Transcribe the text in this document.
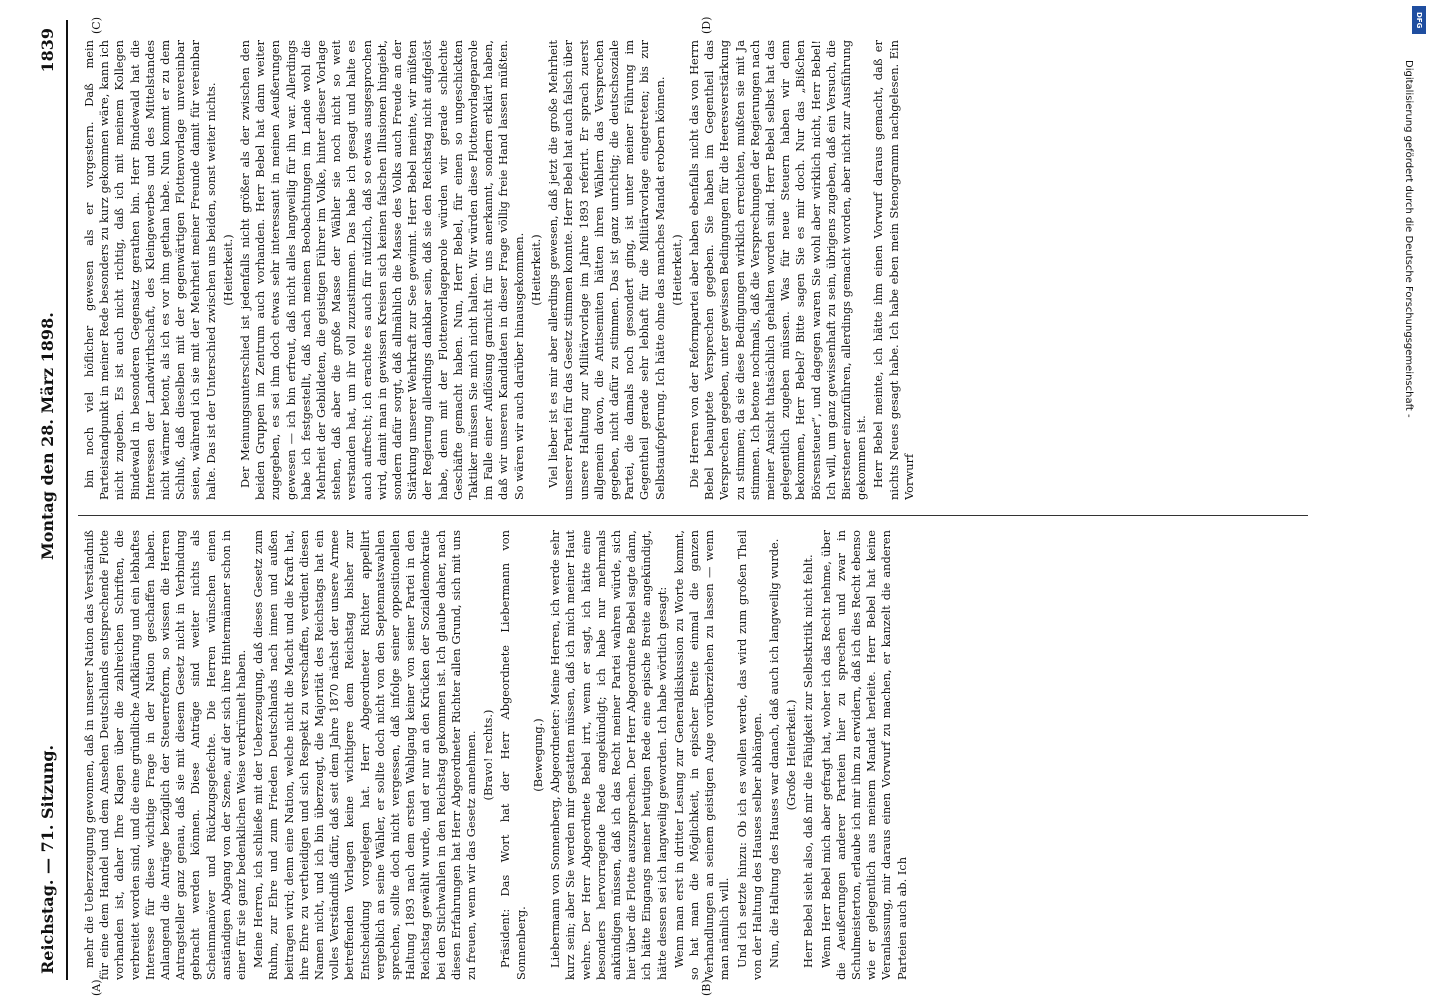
Reichstag. — 71. Sitzung.
Montag den 28. März 1898.
1839
(A)	(B)
(C)	(D)

mehr die Ueberzeugung gewonnen, daß in unserer Nation das Verständniß für eine dem Handel und dem Ansehen Deutschlands entsprechende Flotte vorhanden ist, daher Ihre Klagen über die zahlreichen Schriften, die verbreitet worden sind, und die eine gründliche Aufklärung und ein lebhaftes Interesse für diese wichtige Frage in der Nation geschaffen haben. Anlangend die Anträge bezüglich der Steuerreform, so wissen die Herren Antragsteller ganz genau, daß sie mit diesem Gesetz nicht in Verbindung gebracht werden können. Diese Anträge sind weiter nichts als Scheinmanöver und Rückzugsgefechte. Die Herren wünschen einen anständigen Abgang von der Szene, auf der sich ihre Hintermänner schon in einer für sie ganz bedenklichen Weise verkrümelt haben. Meine Herren, ich schließe mit der Ueberzeugung, daß dieses Gesetz zum Ruhm, zur Ehre und zum Frieden Deutschlands nach innen und außen beitragen wird; denn eine Nation, welche nicht die Macht und die Kraft hat, ihre Ehre zu vertheidigen und sich Respekt zu verschaffen, verdient diesen Namen nicht, und ich bin überzeugt, die Majorität des Reichstags hat ein volles Verständniß dafür, daß seit dem Jahre 1870 nächst der unsere Armee betreffenden Vorlagen keine wichtigere dem Reichstag bisher zur Entscheidung vorgelegen hat. Herr Abgeordneter Richter appellirt vergeblich an seine Wähler, er sollte doch nicht von den Septennatswahlen sprechen, sollte doch nicht vergessen, daß infolge seiner oppositionellen Haltung 1893 nach dem ersten Wahlgang keiner von seiner Partei in den Reichstag gewählt wurde, und er nur an den Krücken der Sozialdemokratie bei den Stichwahlen in den Reichstag gekommen ist. Ich glaube daher, nach diesen Erfahrungen hat Herr Abgeordneter Richter allen Grund, sich mit uns zu freuen, wenn wir das Gesetz annehmen. (Bravo! rechts.) Präsident: Das Wort hat der Herr Abgeordnete Liebermann von Sonnenberg.

(Bewegung.) Liebermann von Sonnenberg, Abgeordneter: Meine Herren, ich werde sehr kurz sein; aber Sie werden mir gestatten müssen, daß ich mich meiner Haut wehre. Der Herr Abgeordnete Bebel irrt, wenn er sagt, ich hätte eine besonders hervorragende Rede angekündigt; ich habe nur mehrmals ankündigen müssen, daß ich das Recht meiner Partei wahren würde, sich hier über die Flotte auszusprechen. Der Herr Abgeordnete Bebel sagte dann, ich hätte Eingangs meiner heutigen Rede eine epische Breite angekündigt, hätte dessen sei ich langweilig geworden. Ich habe wörtlich gesagt: Wenn man erst in dritter Lesung zur Generaldiskussion zu Worte kommt, so hat man die Möglichkeit, in epischer Breite einmal die ganzen Verhandlungen an seinem geistigen Auge vorüberziehen zu lassen — wenn man nämlich will. Und ich setzte hinzu: Ob ich es wollen werde, das wird zum großen Theil von der Haltung des Hauses selber abhängen. Nun, die Haltung des Hauses war danach, daß auch ich langweilig wurde. (Große Heiterkeit.) Herr Bebel sieht also, daß mir die Fähigkeit zur Selbstkritik nicht fehlt. Wenn Herr Bebel mich aber gefragt hat, woher ich das Recht nehme, über die Aeußerungen anderer Parteien hier zu sprechen und zwar in Schulmeisterton, erlaube ich mir ihm zu erwidern, daß ich dies Recht ebenso wie er gelegentlich aus meinem Mandat herleite. Herr Bebel hat keine Veranlassung, mir daraus einen Vorwurf zu machen, er kanzelt die anderen Parteien auch ab. Ich

bin noch viel höflicher gewesen als er vorgestern. Daß mein Parteistandpunkt in meiner Rede besonders zu kurz gekommen wäre, kann ich nicht zugeben. Es ist auch nicht richtig, daß ich mit meinem Kollegen Bindewald in besonderen Gegensatz gerathen bin. Herr Bindewald hat die Interessen der Landwirthschaft, des Kleingewerbes und des Mittelstandes nicht wärmer betont, als ich es vor ihm gethan habe. Nun kommt er zu dem Schluß, daß dieselben mit der gegenwärtigen Flottenvorlage unvereinbar seien, während ich sie mit der Mehrheit meiner Freunde damit für vereinbar halte. Das ist der Unterschied zwischen uns beiden, sonst weiter nichts. (Heiterkeit.) Der Meinungsunterschied ist jedenfalls nicht größer als der zwischen den beiden Gruppen im Zentrum auch vorhanden. Herr Bebel hat dann weiter zugegeben, es sei ihm doch etwas sehr interessant in meinen Aeußerungen gewesen — ich bin erfreut, daß nicht alles langweilig für ihn war. Allerdings habe ich festgestellt, daß nach meinen Beobachtungen im Lande wohl die Mehrheit der Gebildeten, die geistigen Führer im Volke, hinter dieser Vorlage stehen, daß aber die große Masse der Wähler sie noch nicht so weit verstanden hat, um ihr voll zuzustimmen. Das habe ich gesagt und halte es auch aufrecht; ich erachte es auch für nützlich, daß so etwas ausgesprochen wird, damit man in gewissen Kreisen sich keinen falschen Illusionen hingiebt, sondern dafür sorgt, daß allmählich die Masse des Volks auch Freude an der Stärkung unserer Wehrkraft zur See gewinnt. Herr Bebel meinte, wir müßten der Regierung allerdings dankbar sein, daß sie den Reichstag nicht aufgelöst habe, denn mit der Flottenvorlageparole würden wir gerade schlechte Geschäfte gemacht haben. Nun, Herr Bebel, für einen so ungeschickten Taktiker müssen Sie mich nicht halten. Wir würden diese Flottenvorlageparole im Falle einer Auflösung garnicht für uns anerkannt, sondern erklärt haben, daß wir unseren Kandidaten in dieser Frage völlig freie Hand lassen müßten. So wären wir auch darüber hinausgekommen. (Heiterkeit.) Viel lieber ist es mir aber allerdings gewesen, daß jetzt die große Mehrheit unserer Partei für das Gesetz stimmen konnte. Herr Bebel hat auch falsch über unsere Haltung zur Militärvorlage im Jahre 1893 referirt. Er sprach zuerst allgemein davon, die Antisemiten hätten ihren Wählern das Versprechen gegeben, nicht dafür zu stimmen. Das ist ganz unrichtig; die deutschsoziale Partei, die damals noch gesondert ging, ist unter meiner Führung im Gegentheil gerade sehr lebhaft für die Militärvorlage eingetreten; bis zur Selbstaufopferung. Ich hätte ohne das manches Mandat erobern können. (Heiterkeit.) Die Herren von der Reformpartei aber haben ebenfalls nicht das von Herrn Bebel behauptete Versprechen gegeben. Sie haben im Gegentheil das Versprechen gegeben, unter gewissen Bedingungen für die Heeresverstärkung zu stimmen; da sie diese Bedingungen wirklich erreichten, mußten sie mit Ja stimmen. Ich betone nochmals, daß die Versprechungen der Regierungen nach meiner Ansicht thatsächlich gehalten worden sind. Herr Bebel selbst hat das gelegentlich zugeben müssen. Was für neue Steuern haben wir denn bekommen, Herr Bebel? Bitte sagen Sie es mir doch. Nur das „Bißchen Börsensteuer“, und dagegen waren Sie wohl aber wirklich nicht, Herr Bebel! Ich will, um ganz gewissenhaft zu sein, übrigens zugeben, daß ein Versuch, die Bierstener einzuführen, allerdings gemacht worden, aber nicht zur Ausführung gekommen ist. Herr Bebel meinte, ich hätte ihm einen Vorwurf daraus gemacht, daß er nichts Neues gesagt habe. Ich habe eben mein Stenogramm nachgelesen. Ein Vorwurf

DFG
Digitalisierung gefördert durch die Deutsche Forschungsgemeinschaft -
